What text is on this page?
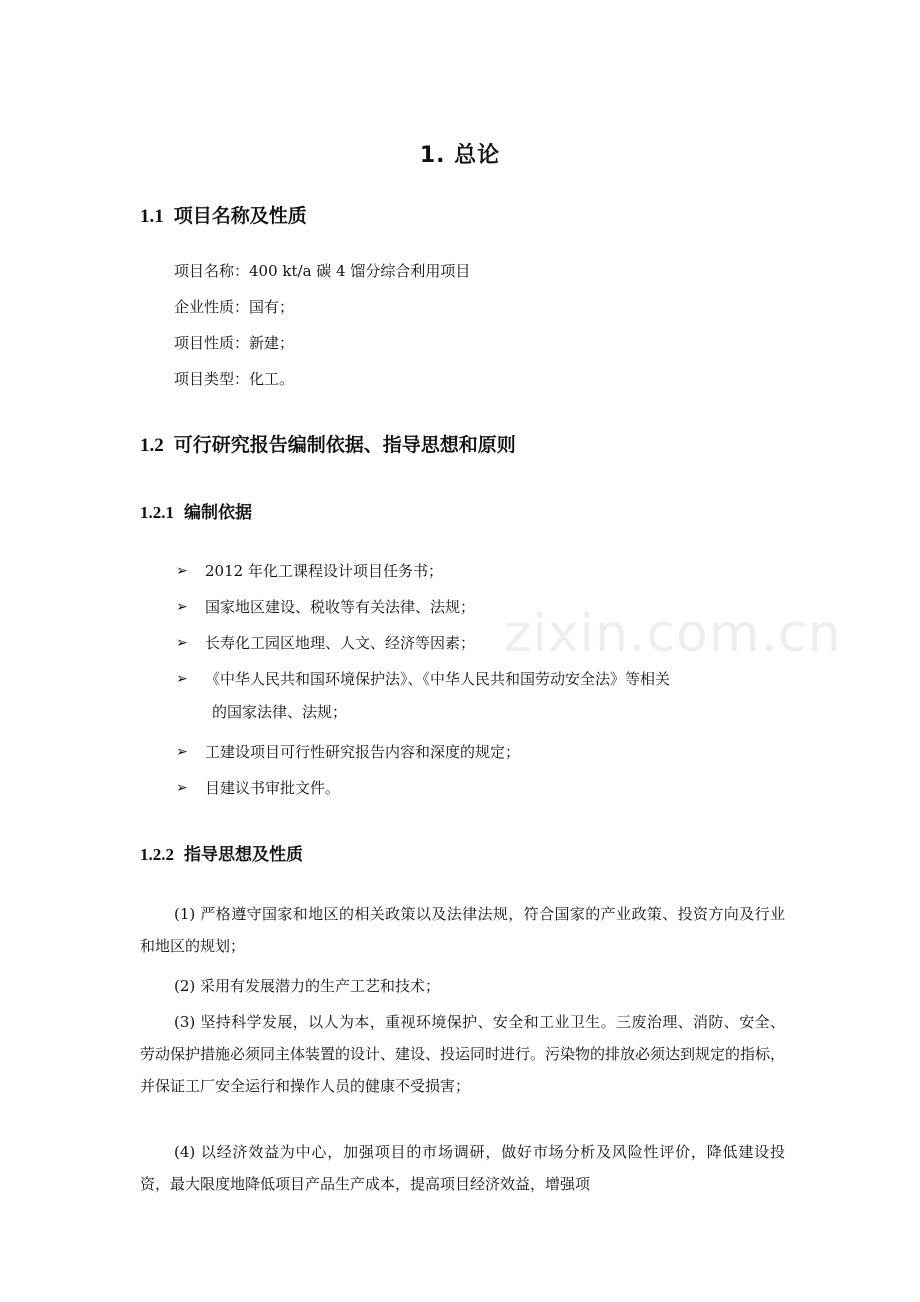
1. 总论
1.1 项目名称及性质
项目名称：400 kt/a 碳 4 馏分综合利用项目
企业性质：国有；
项目性质：新建；
项目类型：化工。
1.2 可行研究报告编制依据、指导思想和原则
1.2.1 编制依据
➢	2012 年化工课程设计项目任务书；
➢	国家地区建设、税收等有关法律、法规；
➢	长寿化工园区地理、人文、经济等因素；
➢	《中华人民共和国环境保护法》、《中华人民共和国劳动安全法》等相关
的国家法律、法规；
➢	工建设项目可行性研究报告内容和深度的规定；
➢	目建议书审批文件。
1.2.2 指导思想及性质
(1) 严格遵守国家和地区的相关政策以及法律法规，符合国家的产业政策、投资方向及行业和地区的规划；
(2) 采用有发展潜力的生产工艺和技术；
(3) 坚持科学发展，以人为本，重视环境保护、安全和工业卫生。三废治理、消防、安全、劳动保护措施必须同主体装置的设计、建设、投运同时进行。污染物的排放必须达到规定的指标，并保证工厂安全运行和操作人员的健康不受损害；
(4) 以经济效益为中心，加强项目的市场调研，做好市场分析及风险性评价，降低建设投资，最大限度地降低项目产品生产成本，提高项目经济效益，增强项
zixin.com.cn
